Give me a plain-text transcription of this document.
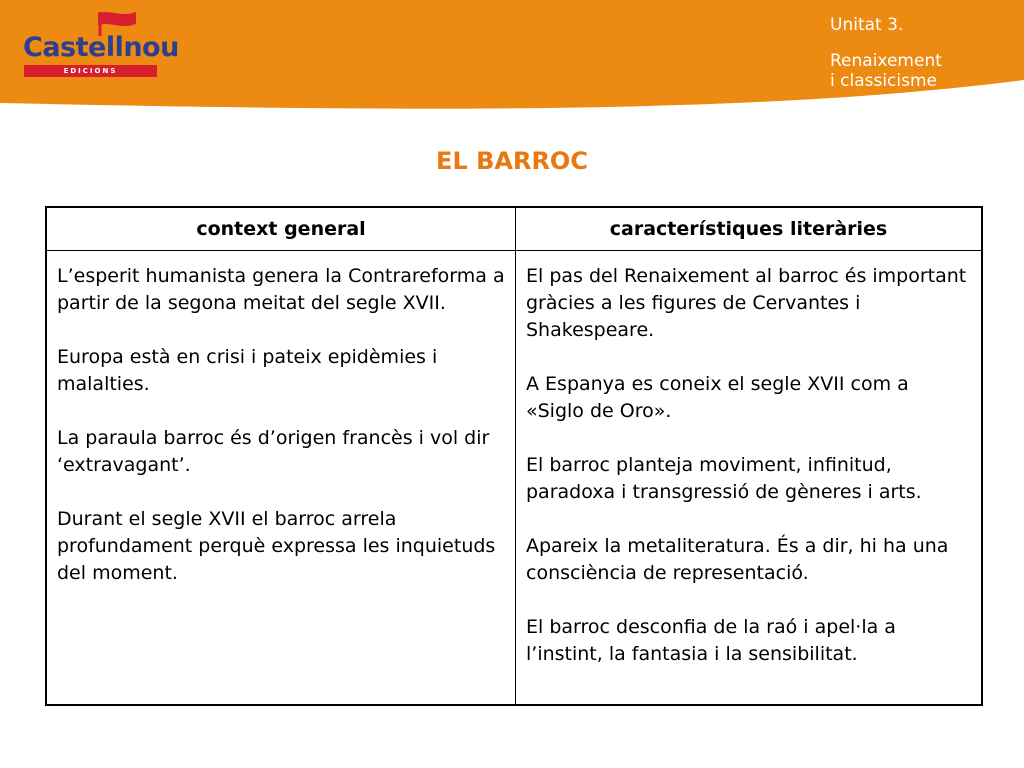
Castellnou
EDICIONS
Unitat 3.
Renaixement
i classicisme
EL BARROC
context general	característiques literàries

L’esperit humanista genera la Contrareforma a partir de la segona meitat del segle XVII.

Europa està en crisi i pateix epidèmies i malalties.

La paraula barroc és d’origen francès i vol dir ‘extravagant’.

Durant el segle XVII el barroc arrela profundament perquè expressa les inquietuds del moment.

El pas del Renaixement al barroc és important gràcies a les figures de Cervantes i Shakespeare.

A Espanya es coneix el segle XVII com a «Siglo de Oro».

El barroc planteja moviment, infinitud, paradoxa i transgressió de gèneres i arts.

Apareix la metaliteratura. És a dir, hi ha una consciència de representació.

El barroc desconfia de la raó i apel·la a l’instint, la fantasia i la sensibilitat.
